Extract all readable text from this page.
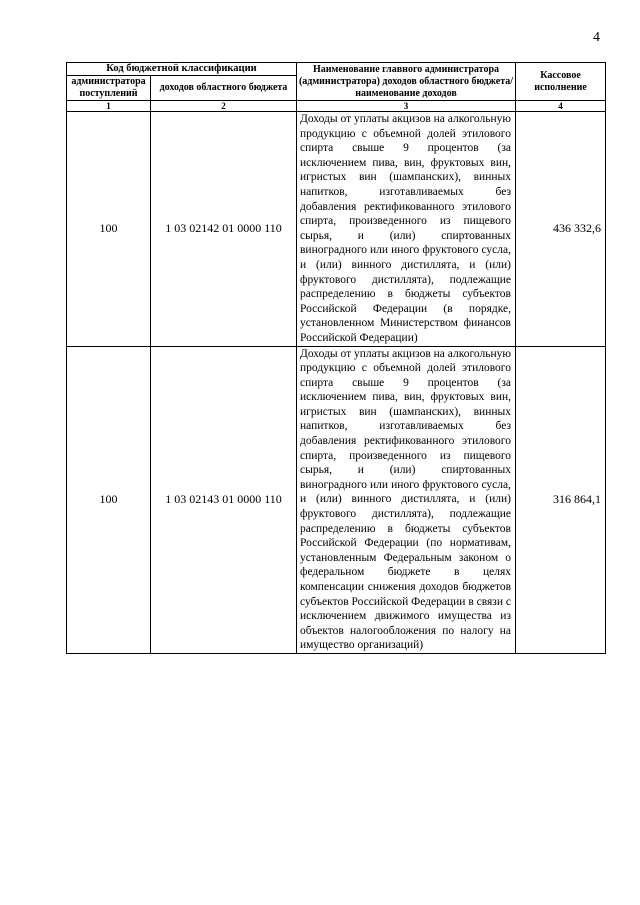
4
Код бюджетной классификации		Наименование главного администратора (администратора) доходов областного бюджета/ наименование доходов	Кассовое исполнение
администратора поступлений	доходов областного бюджета		
1	2	3	4
100	1 03 02142 01 0000 110	Доходы от уплаты акцизов на алкогольную продукцию с объемной долей этилового спирта свыше 9 процентов (за исключением пива, вин, фруктовых вин, игристых вин (шампанских), винных напитков, изготавливаемых без добавления ректификованного этилового спирта, произведенного из пищевого сырья, и (или) спиртованных виноградного или иного фруктового сусла, и (или) винного дистиллята, и (или) фруктового дистиллята), подлежащие распределению в бюджеты субъектов Российской Федерации (в порядке, установленном Министерством финансов Российской Федерации)	436 332,6
100	1 03 02143 01 0000 110	Доходы от уплаты акцизов на алкогольную продукцию с объемной долей этилового спирта свыше 9 процентов (за исключением пива, вин, фруктовых вин, игристых вин (шампанских), винных напитков, изготавливаемых без добавления ректификованного этилового спирта, произведенного из пищевого сырья, и (или) спиртованных виноградного или иного фруктового сусла, и (или) винного дистиллята, и (или) фруктового дистиллята), подлежащие распределению в бюджеты субъектов Российской Федерации (по нормативам, установленным Федеральным законом о федеральном бюджете в целях компенсации снижения доходов бюджетов субъектов Российской Федерации в связи с исключением движимого имущества из объектов налогообложения по налогу на имущество организаций)	316 864,1
